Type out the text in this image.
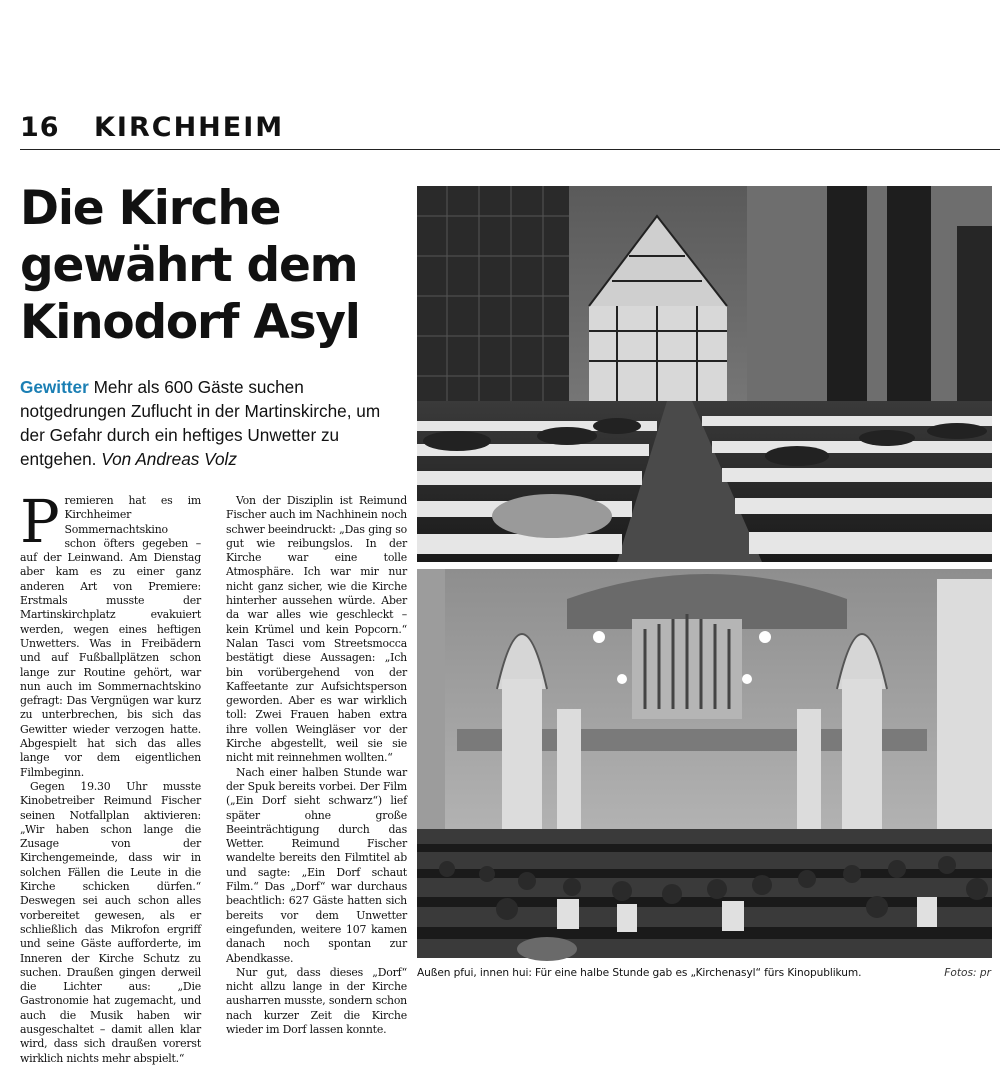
16 KIRCHHEIM
Die Kirche
gewährt dem
Kinodorf Asyl
Gewitter Mehr als 600 Gäste suchen notgedrungen Zuflucht in der Martinskirche, um der Gefahr durch ein heftiges Unwetter zu entgehen. Von Andreas Volz

Premieren hat es im Kirchheimer Sommernachtskino schon öfters gegeben – auf der Leinwand. Am Dienstag aber kam es zu einer ganz anderen Art von Premiere: Erstmals musste der Martinskirchplatz evakuiert werden, wegen eines heftigen Unwetters. Was in Freibädern und auf Fußballplätzen schon lange zur Routine gehört, war nun auch im Sommernachtskino gefragt: Das Vergnügen war kurz zu unterbrechen, bis sich das Gewitter wieder verzogen hatte. Abgespielt hat sich das alles lange vor dem eigentlichen Filmbeginn.

Gegen 19.30 Uhr musste Kinobetreiber Reimund Fischer seinen Notfallplan aktivieren: „Wir haben schon lange die Zusage von der Kirchengemeinde, dass wir in solchen Fällen die Leute in die Kirche schicken dürfen.“ Deswegen sei auch schon alles vorbereitet gewesen, als er schließlich das Mikrofon ergriff und seine Gäste aufforderte, im Inneren der Kirche Schutz zu suchen. Draußen gingen derweil die Lichter aus: „Die Gastronomie hat zugemacht, und auch die Musik haben wir ausgeschaltet – damit allen klar wird, dass sich draußen vorerst wirklich nichts mehr abspielt.“

Von der Disziplin ist Reimund Fischer auch im Nachhinein noch schwer beeindruckt: „Das ging so gut wie reibungslos. In der Kirche war eine tolle Atmosphäre. Ich war mir nur nicht ganz sicher, wie die Kirche hinterher aussehen würde. Aber da war alles wie geschleckt – kein Krümel und kein Popcorn.“ Nalan Tasci vom Streetsmocca bestätigt diese Aussagen: „Ich bin vorübergehend von der Kaffeetante zur Aufsichtsperson geworden. Aber es war wirklich toll: Zwei Frauen haben extra ihre vollen Weingläser vor der Kirche abgestellt, weil sie sie nicht mit reinnehmen wollten.“

Nach einer halben Stunde war der Spuk bereits vorbei. Der Film („Ein Dorf sieht schwarz“) lief später ohne große Beeinträchtigung durch das Wetter. Reimund Fischer wandelte bereits den Filmtitel ab und sagte: „Ein Dorf schaut Film.“ Das „Dorf“ war durchaus beachtlich: 627 Gäste hatten sich bereits vor dem Unwetter eingefunden, weitere 107 kamen danach noch spontan zur Abendkasse.

Nur gut, dass dieses „Dorf“ nicht allzu lange in der Kirche ausharren musste, sondern schon nach kurzer Zeit die Kirche wieder im Dorf lassen konnte.

Außen pfui, innen hui: Für eine halbe Stunde gab es „Kirchenasyl“ fürs Kinopublikum.	Fotos: pr
